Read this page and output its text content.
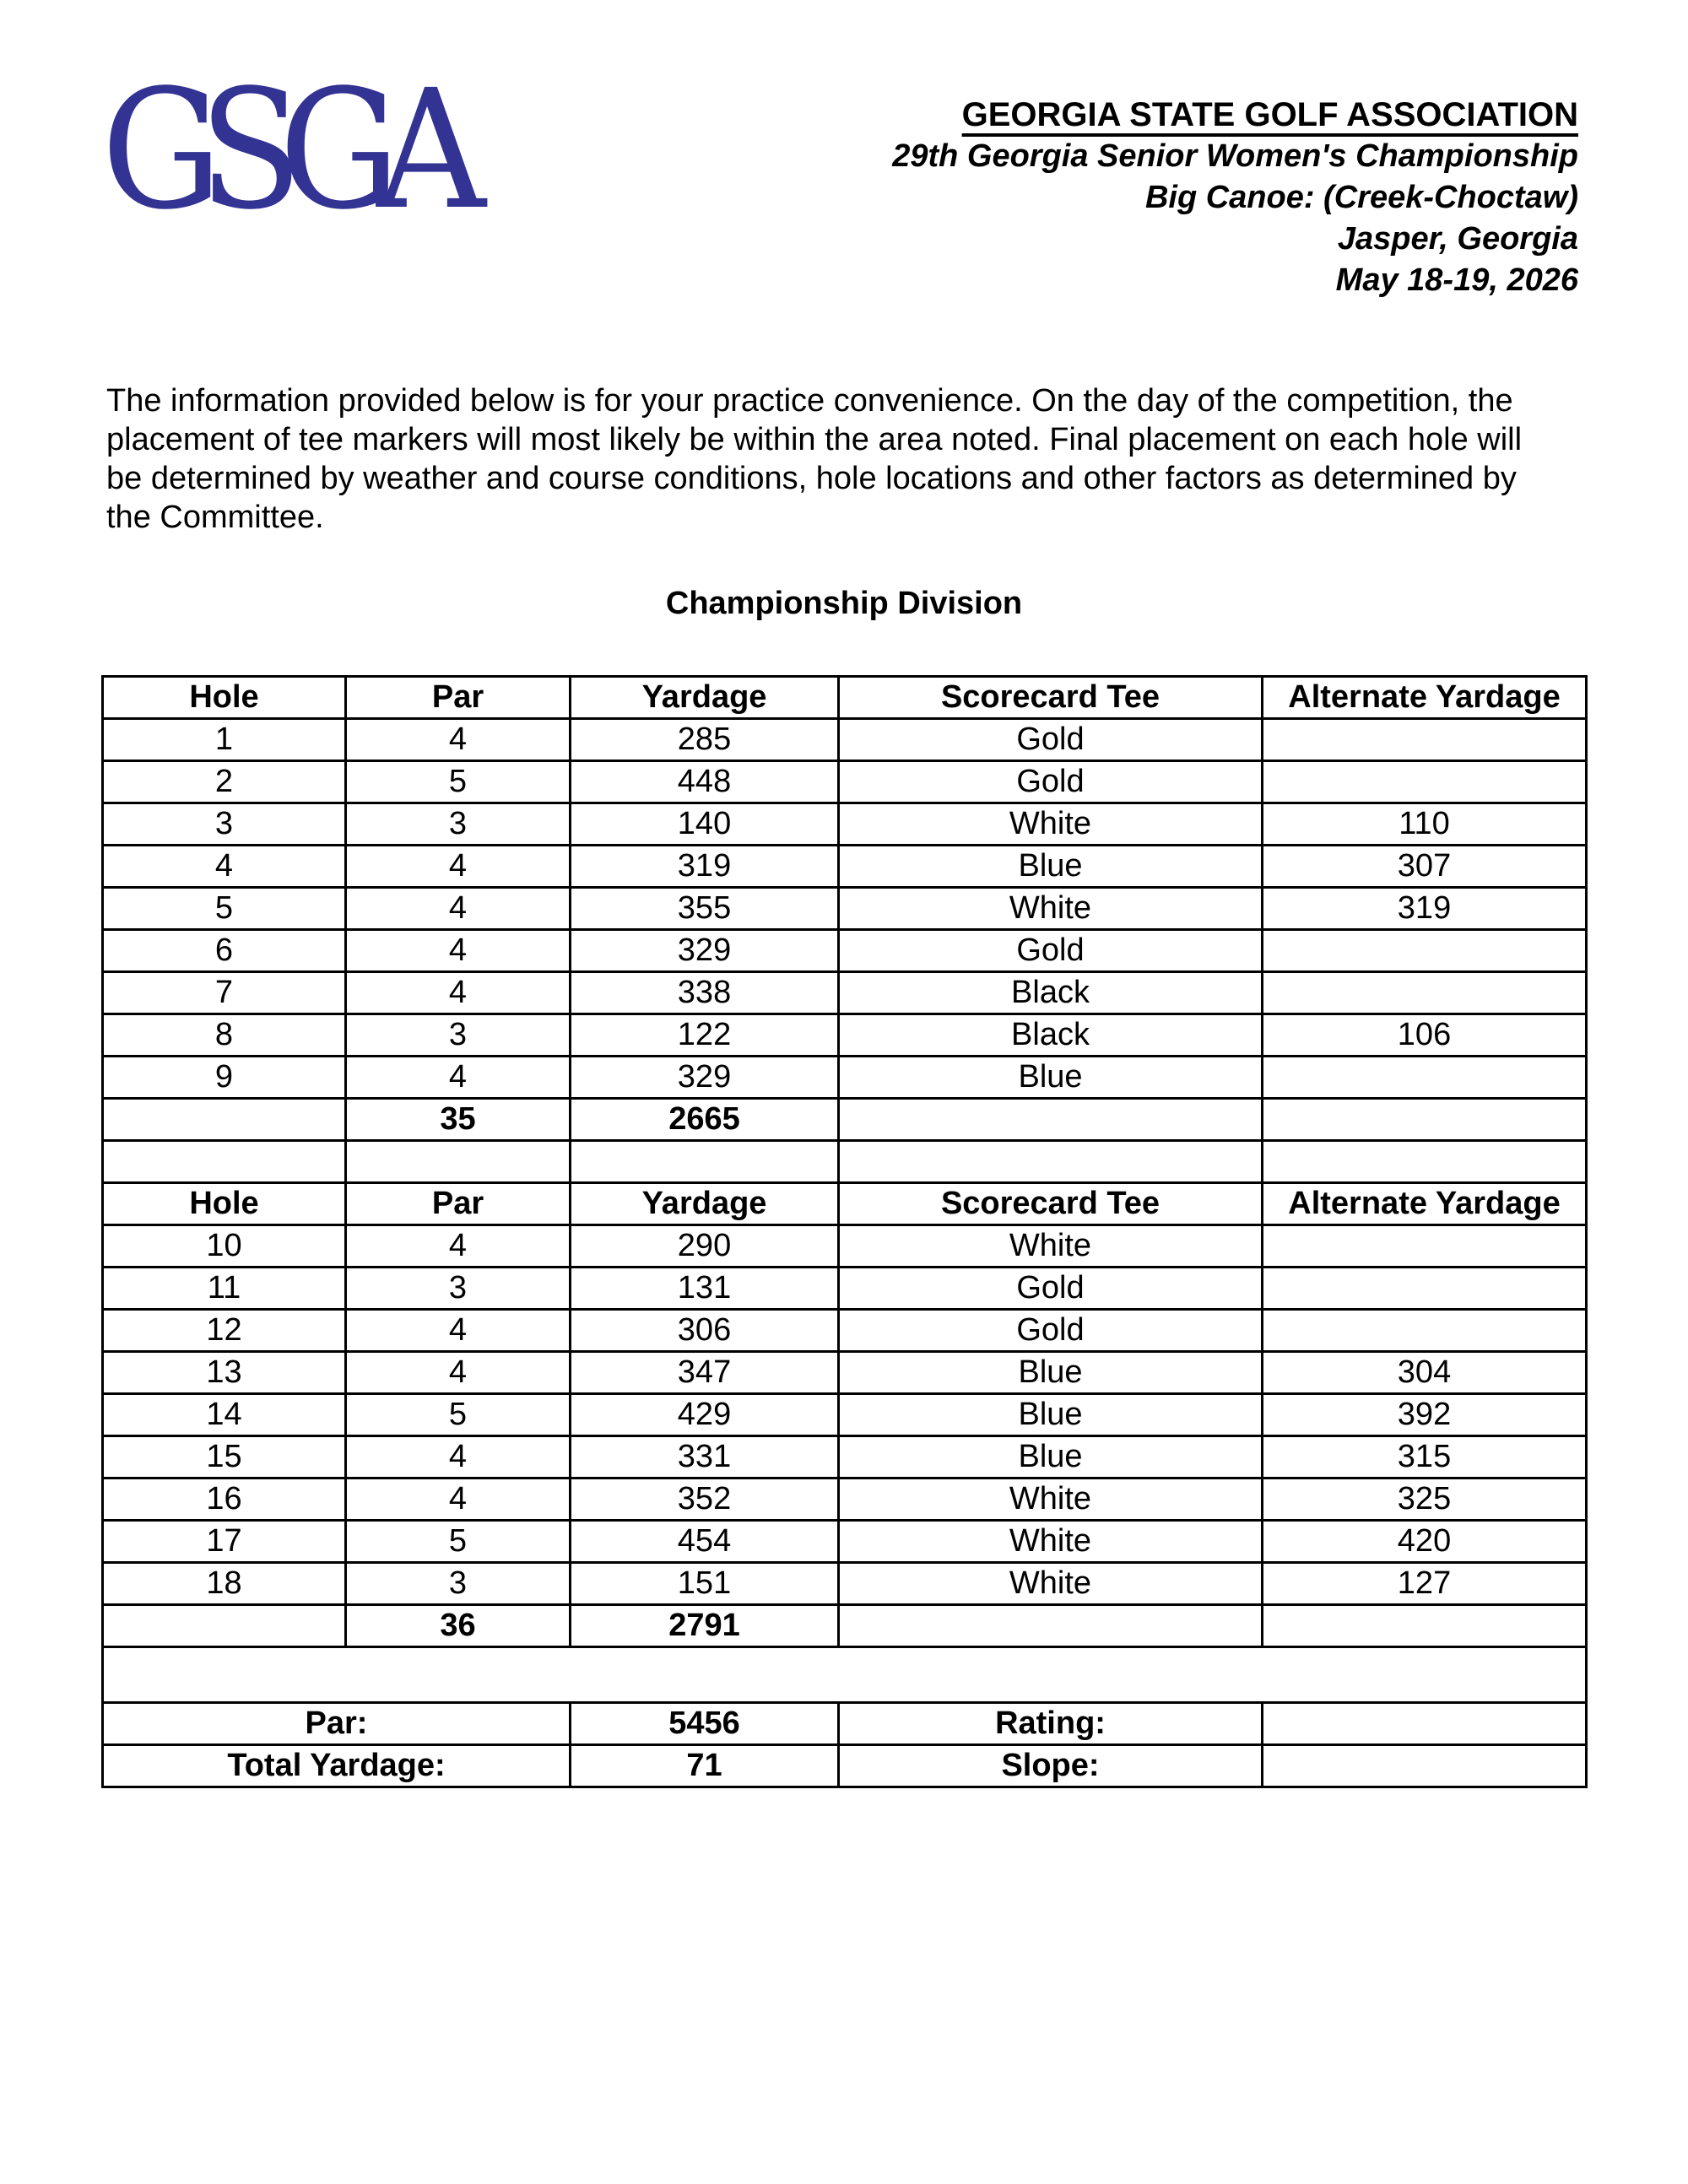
GSGA	GEORGIA STATE GOLF ASSOCIATION
29th Georgia Senior Women's Championship
Big Canoe: (Creek-Choctaw)
Jasper, Georgia
May 18-19, 2026

The information provided below is for your practice convenience. On the day of the competition, the placement of tee markers will most likely be within the area noted. Final placement on each hole will be determined by weather and course conditions, hole locations and other factors as determined by the Committee.

Championship Division
Hole	Par	Yardage	Scorecard Tee	Alternate Yardage
1	4	285	Gold	
2	5	448	Gold	
3	3	140	White	110
4	4	319	Blue	307
5	4	355	White	319
6	4	329	Gold	
7	4	338	Black	
8	3	122	Black	106
9	4	329	Blue	
	35	2665		

Hole	Par	Yardage	Scorecard Tee	Alternate Yardage
10	4	290	White	
11	3	131	Gold	
12	4	306	Gold	
13	4	347	Blue	304
14	5	429	Blue	392
15	4	331	Blue	315
16	4	352	White	325
17	5	454	White	420
18	3	151	White	127
	36	2791		

Par:		5456	Rating:	
Total Yardage:		71	Slope:	
